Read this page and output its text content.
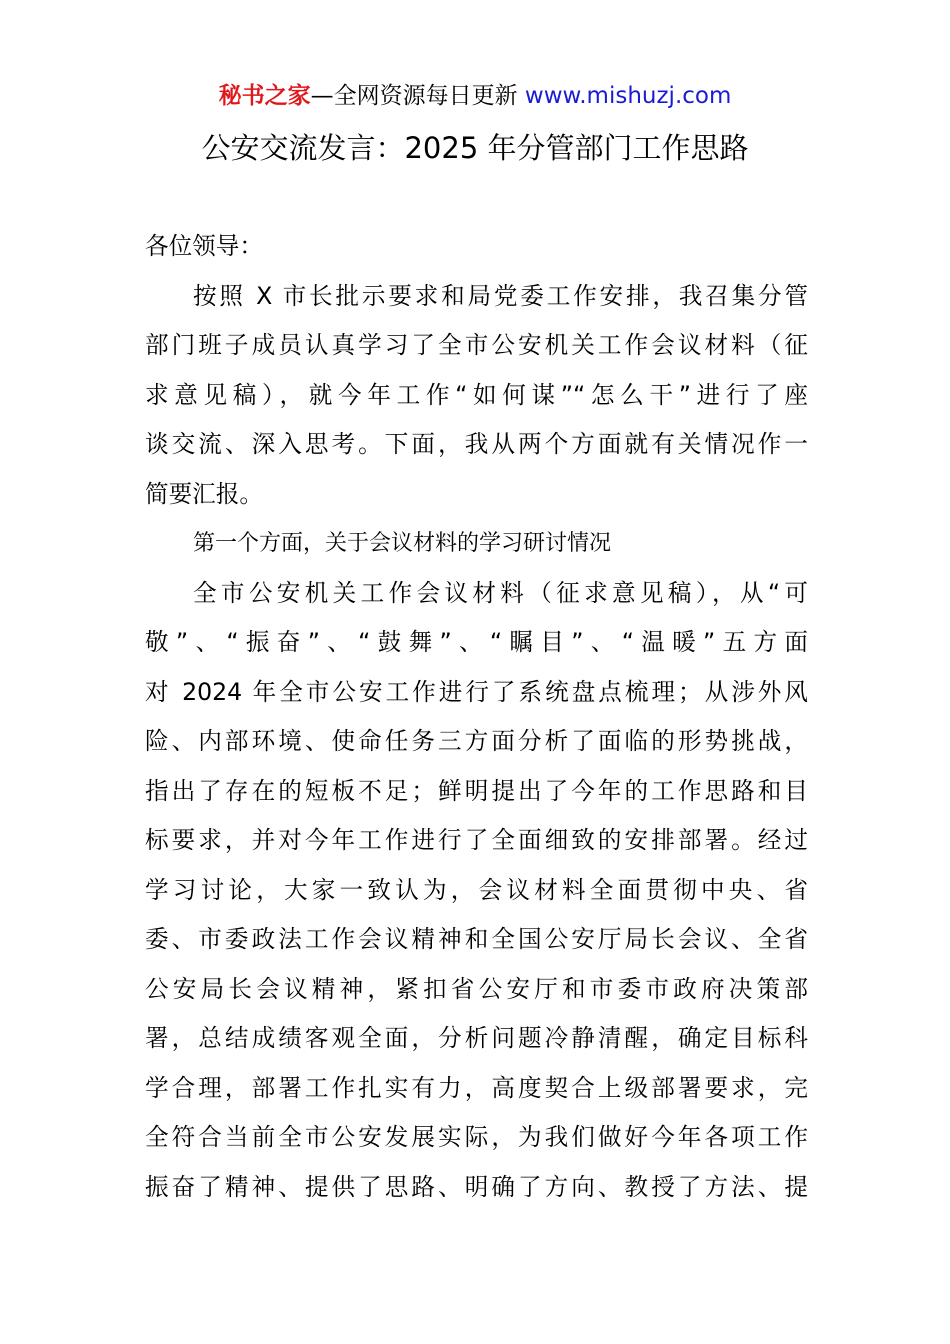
秘书之家—全网资源每日更新 www.mishuzj.com
公安交流发言：2025 年分管部门工作思路
各位领导：
按照 X 市长批示要求和局党委工作安排，我召集分管
部门班子成员认真学习了全市公安机关工作会议材料（征
求意见稿），就今年工作“如何谋”“怎么干”进行了座
谈交流、深入思考。下面，我从两个方面就有关情况作一
简要汇报。
第一个方面，关于会议材料的学习研讨情况
全市公安机关工作会议材料（征求意见稿），从“可
敬”、“振奋”、“鼓舞”、“瞩目”、“温暖”五方面
对 2024 年全市公安工作进行了系统盘点梳理；从涉外风
险、内部环境、使命任务三方面分析了面临的形势挑战，
指出了存在的短板不足；鲜明提出了今年的工作思路和目
标要求，并对今年工作进行了全面细致的安排部署。经过
学习讨论，大家一致认为，会议材料全面贯彻中央、省
委、市委政法工作会议精神和全国公安厅局长会议、全省
公安局长会议精神，紧扣省公安厅和市委市政府决策部
署，总结成绩客观全面，分析问题冷静清醒，确定目标科
学合理，部署工作扎实有力，高度契合上级部署要求，完
全符合当前全市公安发展实际，为我们做好今年各项工作
振奋了精神、提供了思路、明确了方向、教授了方法、提
